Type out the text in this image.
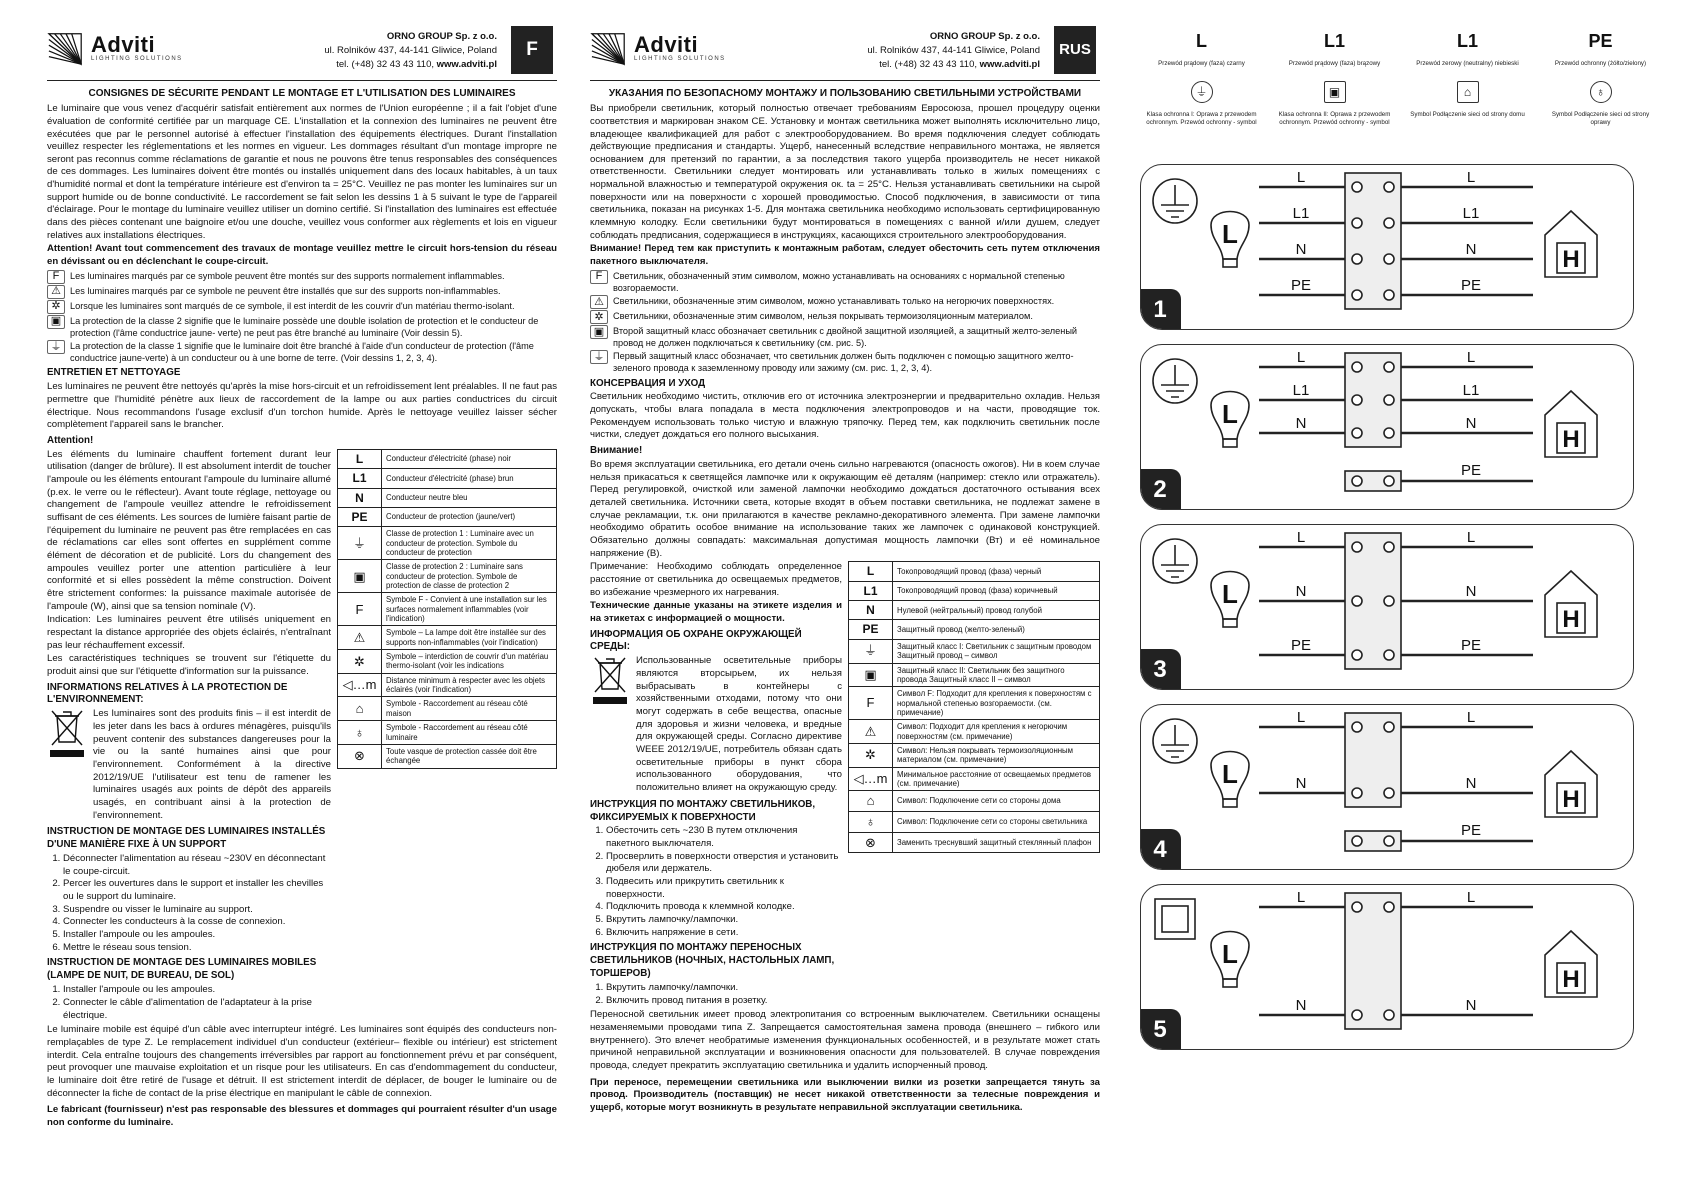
Adviti
LIGHTING SOLUTIONS
ORNO GROUP Sp. z o.o.
ul. Rolników 437, 44-141 Gliwice, Poland
tel. (+48) 32 43 43 110, www.adviti.pl
F
CONSIGNES DE SÉCURITE PENDANT LE MONTAGE ET L'UTILISATION DES LUMINAIRES

Le luminaire que vous venez d'acquérir satisfait entièrement aux normes de l'Union européenne ; il a fait l'objet d'une évaluation de conformité certifiée par un marquage CE. L'installation et la connexion des luminaires ne peuvent être exécutées que par le personnel autorisé à effectuer l'installation des équipements électriques. Durant l'installation veuillez respecter les réglementations et les normes en vigueur. Les dommages résultant d'un montage impropre ne seront pas reconnus comme réclamations de garantie et nous ne pouvons être tenus responsables des conséquences de ces dommages. Les luminaires doivent être montés ou installés uniquement dans des locaux habitables, à un taux d'humidité normal et dont la température intérieure est d'environ ta = 25°C. Veuillez ne pas monter les luminaires sur un support humide ou de bonne conductivité. Le raccordement se fait selon les dessins 1 à 5 suivant le type de l'appareil d'éclairage. Pour le montage du luminaire veuillez utiliser un domino certifié. Si l'installation des luminaires est effectuée dans des pièces contenant une baignoire et/ou une douche, veuillez vous conformer aux règlements et lois en vigueur relatives aux installations électriques.

Attention! Avant tout commencement des travaux de montage veuillez mettre le circuit hors-tension du réseau en dévissant ou en déclenchant le coupe-circuit.

F	Les luminaires marqués par ce symbole peuvent être montés sur des supports normalement inflammables.
⚠ Les luminaires marqués par ce symbole ne peuvent être installés que sur des supports non-inflammables.
✲	Lorsque les luminaires sont marqués de ce symbole, il est interdit de les couvrir d'un matériau thermo-isolant.
▣ La protection de la classe 2 signifie que le luminaire possède une double isolation de protection et le conducteur de protection (l'âme conductrice jaune- verte) ne peut pas être branché au luminaire (Voir dessin 5).
⏚ La protection de la classe 1 signifie que le luminaire doit être branché à l'aide d'un conducteur de protection (l'âme conductrice jaune-verte) à un conducteur ou à une borne de terre. (Voir dessins 1, 2, 3, 4).
ENTRETIEN ET NETTOYAGE

Les luminaires ne peuvent être nettoyés qu'après la mise hors-circuit et un refroidissement lent préalables. Il ne faut pas permettre que l'humidité pénètre aux lieux de raccordement de la lampe ou aux parties conductrices du circuit électrique. Nous recommandons l'usage exclusif d'un torchon humide. Après le nettoyage veuillez laisser sécher complètement l'appareil sans le brancher.

Attention!
L	Conducteur d'électricité (phase) noir
L1	Conducteur d'électricité (phase) brun
N	Conducteur neutre bleu
PE	Conducteur de protection (jaune/vert)
⏚	Classe de protection 1 : Luminaire avec un conducteur de protection. Symbole du conducteur de protection
▣	Classe de protection 2 : Luminaire sans conducteur de protection. Symbole de protection de classe de protection 2
F	Symbole F - Convient à une installation sur les surfaces normalement inflammables (voir l'indication)
⚠	Symbole – La lampe doit être installée sur des supports non-inflammables (voir l'indication)
✲	Symbole – interdiction de couvrir d'un matériau thermo-isolant (voir les indications
◁…m	Distance minimum à respecter avec les objets éclairés (voir l'indication)
⌂	Symbole - Raccordement au réseau côté maison
♁	Symbole - Raccordement au réseau côté luminaire
⊗	Toute vasque de protection cassée doit être échangée

Les éléments du luminaire chauffent fortement durant leur utilisation (danger de brûlure). Il est absolument interdit de toucher l'ampoule ou les éléments entourant l'ampoule du luminaire allumé (p.ex. le verre ou le réflecteur). Avant toute réglage, nettoyage ou changement de l'ampoule veuillez attendre le refroidissement suffisant de ces éléments. Les sources de lumière faisant partie de l'équipement du luminaire ne peuvent pas être remplacées en cas de réclamations car elles sont offertes en supplément comme élément de décoration et de publicité. Lors du changement des ampoules veuillez porter une attention particulière à leur conformité et si elles possèdent la même construction. Doivent être strictement conformes: la puissance maximale autorisée de l'ampoule (W), ainsi que sa tension nominale (V).

Indication: Les luminaires peuvent être utilisés uniquement en respectant la distance appropriée des objets éclairés, n'entraînant pas leur réchauffement excessif.

Les caractéristiques techniques se trouvent sur l'étiquette du produit ainsi que sur l'étiquette d'information sur la puissance.

INFORMATIONS RELATIVES À LA PROTECTION DE L'ENVIRONNEMENT:

Les luminaires sont des produits finis – il est interdit de les jeter dans les bacs à ordures ménagères, puisqu'ils peuvent contenir des substances dangereuses pour la vie ou la santé humaines ainsi que pour l'environnement. Conformément à la directive 2012/19/UE l'utilisateur est tenu de ramener les luminaires usagés aux points de dépôt des appareils usagés, en contribuant ainsi à la protection de l'environnement.

INSTRUCTION DE MONTAGE DES LUMINAIRES INSTALLÉS D'UNE MANIÈRE FIXE À UN SUPPORT
1. Déconnecter l'alimentation au réseau ~230V en déconnectant le coupe-circuit.
2. Percer les ouvertures dans le support et installer les chevilles ou le support du luminaire.
3. Suspendre ou visser le luminaire au support.
4. Connecter les conducteurs à la cosse de connexion.
5. Installer l'ampoule ou les ampoules.
6. Mettre le réseau sous tension.
INSTRUCTION DE MONTAGE DES LUMINAIRES MOBILES (LAMPE DE NUIT, DE BUREAU, DE SOL)
1. Installer l'ampoule ou les ampoules.
2. Connecter le câble d'alimentation de l'adaptateur à la prise électrique.

Le luminaire mobile est équipé d'un câble avec interrupteur intégré. Les luminaires sont équipés des conducteurs non-remplaçables de type Z. Le remplacement individuel d'un conducteur (extérieur– flexible ou intérieur) est strictement interdit. Cela entraîne toujours des changements irréversibles par rapport au fonctionnement prévu et par conséquent, peut provoquer une mauvaise exploitation et un risque pour les utilisateurs. En cas d'endommagement du conducteur, le luminaire doit être retiré de l'usage et détruit. Il est strictement interdit de déplacer, de bouger le luminaire ou de déconnecter la fiche de contact de la prise électrique en manipulant le câble de connexion.

Le fabricant (fournisseur) n'est pas responsable des blessures et dommages qui pourraient résulter d'un usage non conforme du luminaire.

Adviti
LIGHTING SOLUTIONS
ORNO GROUP Sp. z o.o.
ul. Rolników 437, 44-141 Gliwice, Poland
tel. (+48) 32 43 43 110, www.adviti.pl
RUS
УКАЗАНИЯ ПО БЕЗОПАСНОМУ МОНТАЖУ И ПОЛЬЗОВАНИЮ СВЕТИЛЬНЫМИ УСТРОЙСТВАМИ

Вы приобрели светильник, который полностью отвечает требованиям Евросоюза, прошел процедуру оценки соответствия и маркирован знаком CE. Установку и монтаж светильника может выполнять исключительно лицо, владеющее квалификацией для работ с электрооборудованием. Во время подключения следует соблюдать действующие предписания и стандарты. Ущерб, нанесенный вследствие неправильного монтажа, не является основанием для претензий по гарантии, а за последствия такого ущерба производитель не несет никакой ответственности. Светильники следует монтировать или устанавливать только в жилых помещениях с нормальной влажностью и температурой окружения ок. ta = 25°C. Нельзя устанавливать светильники на сырой поверхности или на поверхности с хорошей проводимостью. Способ подключения, в зависимости от типа светильника, показан на рисунках 1-5. Для монтажа светильника необходимо использовать сертифицированную клеммную колодку. Если светильники будут монтироваться в помещениях с ванной и/или душем, следует соблюдать предписания, содержащиеся в инструкциях, касающихся строительного электрооборудования.

Внимание! Перед тем как приступить к монтажным работам, следует обесточить сеть путем отключения пакетного выключателя.

F	Светильник, обозначенный этим символом, можно устанавливать на основаниях с нормальной степенью возгораемости.
⚠ Светильники, обозначенные этим символом, можно устанавливать только на негорючих поверхностях.
✲	Светильники, обозначенные этим символом, нельзя покрывать термоизоляционным материалом.
▣ Второй защитный класс обозначает светильник с двойной защитной изоляцией, а защитный желто-зеленый провод не должен подключаться к светильнику (см. рис. 5).
⏚ Первый защитный класс обозначает, что светильник должен быть подключен с помощью защитного желто-зеленого провода к заземленному проводу или зажиму (см. рис. 1, 2, 3, 4).
КОНСЕРВАЦИЯ И УХОД

Светильник необходимо чистить, отключив его от источника электроэнергии и предварительно охладив. Нельзя допускать, чтобы влага попадала в места подключения электропроводов и на части, проводящие ток. Рекомендуем использовать только чистую и влажную тряпочку. Перед тем, как подключить светильник после чистки, следует дождаться его полного высыхания.

Внимание!

Во время эксплуатации светильника, его детали очень сильно нагреваются (опасность ожогов). Ни в коем случае нельзя прикасаться к светящейся лампочке или к окружающим её деталям (например: стекло или отражатель). Перед регулировкой, очисткой или заменой лампочки необходимо дождаться достаточного остывания всех деталей светильника. Источники света, которые входят в объем поставки светильника, не подлежат замене в случае рекламации, т.к. они прилагаются в качестве рекламно-декоративного элемента. При замене лампочки необходимо обратить особое внимание на использование таких же лампочек с одинаковой конструкцией. Обязательно должны совпадать: максимальная допустимая мощность лампочки (Вт) и её номинальное напряжение (В).

L	Токопроводящий провод (фаза) черный
L1	Токопроводящий провод (фаза) коричневый
N	Нулевой (нейтральный) провод голубой
PE	Защитный провод (желто-зеленый)
⏚	Защитный класс I: Светильник с защитным проводом Защитный провод – символ
▣	Защитный класс II: Светильник без защитного провода Защитный класс II – символ
F	Символ F: Подходит для крепления к поверхностям с нормальной степенью возгораемости. (см. примечание)
⚠	Символ: Подходит для крепления к негорючим поверхностям (см. примечание)
✲	Символ: Нельзя покрывать термоизоляционным материалом (см. примечание)
◁…m	Минимальное расстояние от освещаемых предметов (см. примечание)
⌂	Символ: Подключение сети со стороны дома
♁	Символ: Подключение сети со стороны светильника
⊗	Заменить треснувший защитный стеклянный плафон

Примечание: Необходимо соблюдать определенное расстояние от светильника до освещаемых предметов, во избежание чрезмерного их нагревания.

Технические данные указаны на этикете изделия и на этикетах с информацией о мощности.

ИНФОРМАЦИЯ ОБ ОХРАНЕ ОКРУЖАЮЩЕЙ СРЕДЫ:

Использованные осветительные приборы являются вторсырьем, их нельзя выбрасывать в контейнеры с хозяйственными отходами, потому что они могут содержать в себе вещества, опасные для здоровья и жизни человека, и вредные для окружающей среды. Согласно директиве WEEE 2012/19/UE, потребитель обязан сдать осветительные приборы в пункт сбора использованного оборудования, что положительно влияет на окружающую среду.

ИНСТРУКЦИЯ ПО МОНТАЖУ СВЕТИЛЬНИКОВ, ФИКСИРУЕМЫХ К ПОВЕРХНОСТИ
1. Обесточить сеть ~230 В путем отключения пакетного выключателя.
2. Просверлить в поверхности отверстия и установить дюбеля или держатель.
3. Подвесить или прикрутить светильник к поверхности.
4. Подключить провода к клеммной колодке.
5. Вкрутить лампочку/лампочки.
6. Включить напряжение в сети.
ИНСТРУКЦИЯ ПО МОНТАЖУ ПЕРЕНОСНЫХ СВЕТИЛЬНИКОВ (НОЧНЫХ, НАСТОЛЬНЫХ ЛАМП, ТОРШЕРОВ)
1. Вкрутить лампочку/лампочки.
2. Включить провод питания в розетку.

Переносной светильник имеет провод электропитания со встроенным выключателем. Светильники оснащены незаменяемыми проводами типа Z. Запрещается самостоятельная замена провода (внешнего – гибкого или внутреннего). Это влечет необратимые изменения функциональных особенностей, и в результате может стать причиной неправильной эксплуатации и возникновения опасности для пользователей. В случае повреждения провода, следует прекратить эксплуатацию светильника и удалить испорченный провод.

При переносе, перемещении светильника или выключении вилки из розетки запрещается тянуть за провод. Производитель (поставщик) не несет никакой ответственности за телесные повреждения и ущерб, которые могут возникнуть в результате неправильной эксплуатации светильника.

L
Przewód prądowy (faza) czarny
L1
Przewód prądowy (faza) brązowy
L1
Przewód zerowy (neutralny) niebieski
PE
Przewód ochronny (żółto/zielony)
⏚
Klasa ochronna I: Oprawa z przewodem ochronnym. Przewód ochronny - symbol
▣
Klasa ochronna II: Oprawa z przewodem ochronnym. Przewód ochronny - symbol
⌂
Symbol Podłączenie sieci od strony domu
♁
Symbol Podłączenie sieci od strony oprawy
L
H
L	L
L1	L1
N	N
PE	PE
1
L
H
L	L
L1	L1
N	N
PE
2
L
H
L	L
N	N
PE	PE
3
L
H
L	L
N	N
PE
4
L
H
L	L
N	N
5
